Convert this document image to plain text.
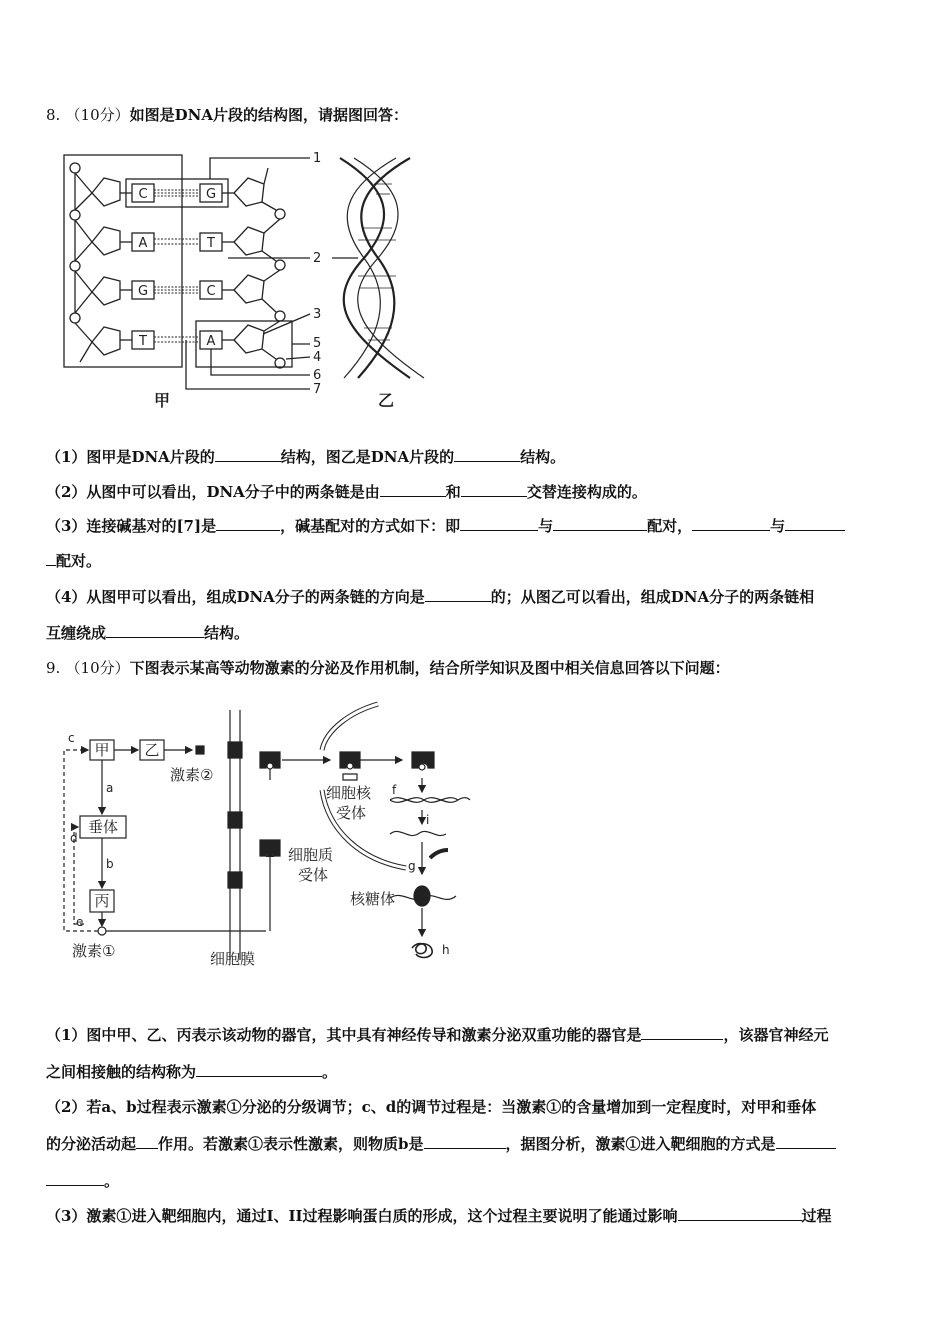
8. （10分）如图是DNA片段的结构图，请据图回答：
C
A
G
T
G
T
C
A
1
2
3
5
4
6
7
甲	乙
（1）图甲是DNA片段的	结构，图乙是DNA片段的	结构。
（2）从图中可以看出，DNA分子中的两条链是由	和	交替连接构成的。
（3）连接碱基对的[7]是	，碱基配对的方式如下：即	与	配对，	与
配对。
（4）从图甲可以看出，组成DNA分子的两条链的方向是	的；从图乙可以看出，组成DNA分子的两条链相
互缠绕成	结构。
9. （10分）下图表示某高等动物激素的分泌及作用机制，结合所学知识及图中相关信息回答以下问题：
甲 乙
垂体
丙
激素②
激素①	细胞膜
细胞质
受体
细胞核
受体
核糖体
c
a
d
b
e
f
i
g
h
（1）图中甲、乙、丙表示该动物的器官，其中具有神经传导和激素分泌双重功能的器官是	，该器官神经元
之间相接触的结构称为	。
（2）若a、b过程表示激素①分泌的分级调节；c、d的调节过程是：当激素①的含量增加到一定程度时，对甲和垂体
的分泌活动起 作用。若激素①表示性激素，则物质b是	，据图分析，激素①进入靶细胞的方式是
。
（3）激素①进入靶细胞内，通过I、II过程影响蛋白质的形成，这个过程主要说明了能通过影响	过程
